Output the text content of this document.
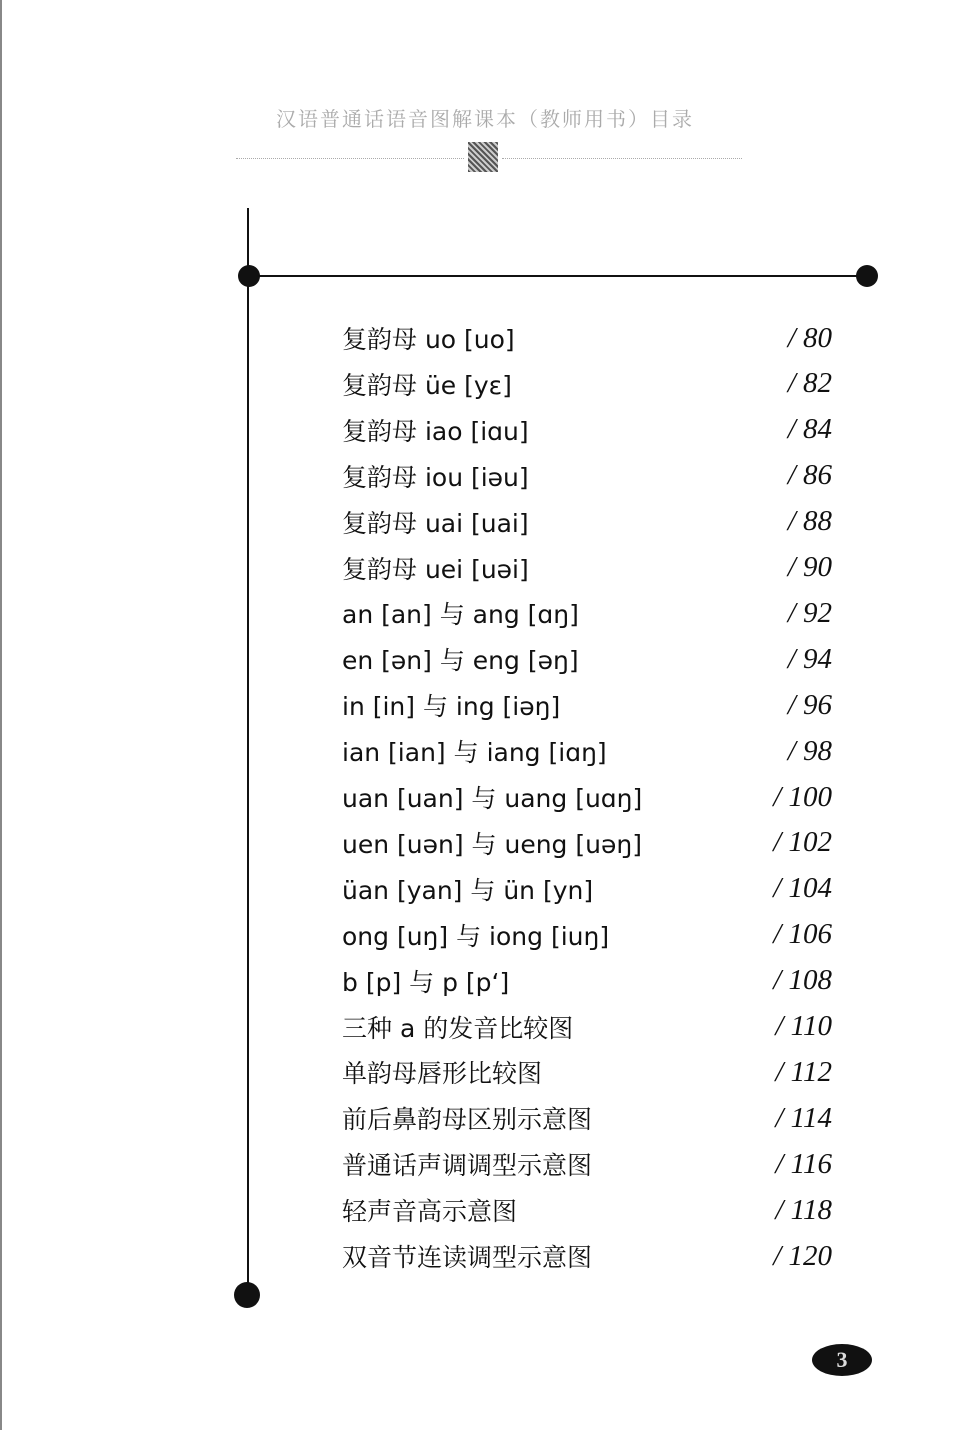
汉语普通话语音图解课本（教师用书）目录
复韵母 uo [uo]	/ 80
复韵母 üe [yε]	/ 82
复韵母 iao [iɑu]	/ 84
复韵母 iou [iəu]	/ 86
复韵母 uai [uai]	/ 88
复韵母 uei [uəi]	/ 90
an [an] 与 ang [ɑŋ]	/ 92
en [ən] 与 eng [əŋ]	/ 94
in [in] 与 ing [iəŋ]	/ 96
ian [ian] 与 iang [iɑŋ]	/ 98
uan [uan] 与 uang [uɑŋ]	/ 100
uen [uən] 与 ueng [uəŋ]	/ 102
üan [yan] 与 ün [yn]	/ 104
ong [uŋ] 与 iong [iuŋ]	/ 106
b [p] 与 p [p‘]	/ 108
三种 a 的发音比较图	/ 110
单韵母唇形比较图	/ 112
前后鼻韵母区别示意图	/ 114
普通话声调调型示意图	/ 116
轻声音高示意图	/ 118
双音节连读调型示意图	/ 120
3
